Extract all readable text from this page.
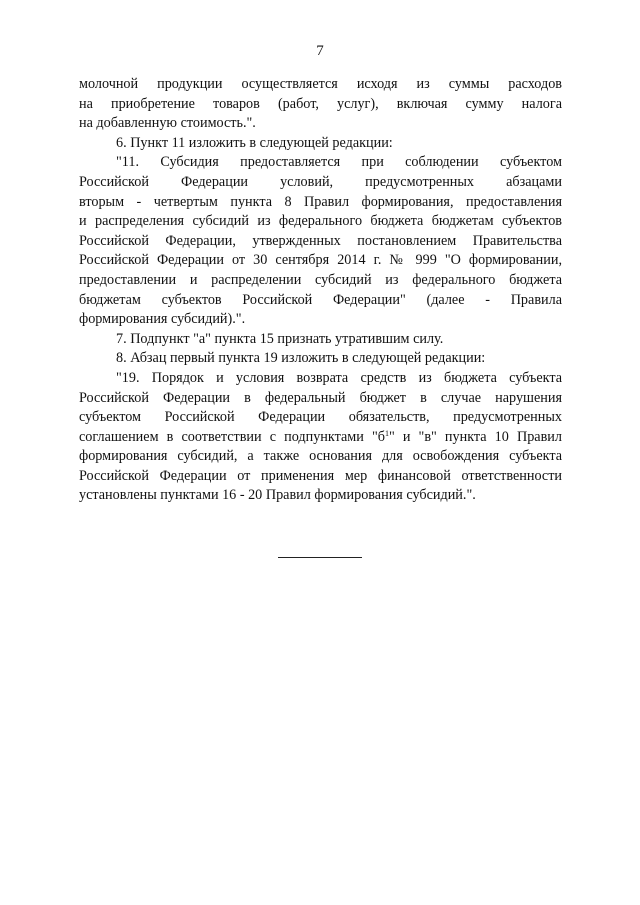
7
молочной продукции осуществляется исходя из суммы расходов
на приобретение товаров (работ, услуг), включая сумму налога
на добавленную стоимость.".
6. Пункт 11 изложить в следующей редакции:
"11. Субсидия предоставляется при соблюдении субъектом
Российской Федерации условий, предусмотренных абзацами
вторым - четвертым пункта 8 Правил формирования, предоставления
и распределения субсидий из федерального бюджета бюджетам субъектов
Российской Федерации, утвержденных постановлением Правительства
Российской Федерации от 30 сентября 2014 г. № 999 "О формировании,
предоставлении и распределении субсидий из федерального бюджета
бюджетам субъектов Российской Федерации" (далее - Правила
формирования субсидий).".
7. Подпункт "а" пункта 15 признать утратившим силу.
8. Абзац первый пункта 19 изложить в следующей редакции:
"19. Порядок и условия возврата средств из бюджета субъекта
Российской Федерации в федеральный бюджет в случае нарушения
субъектом Российской Федерации обязательств, предусмотренных
соглашением в соответствии с подпунктами "$б^1$" и "в" пункта 10 Правил
формирования субсидий, а также основания для освобождения субъекта
Российской Федерации от применения мер финансовой ответственности
установлены пунктами 16 - 20 Правил формирования субсидий.".
